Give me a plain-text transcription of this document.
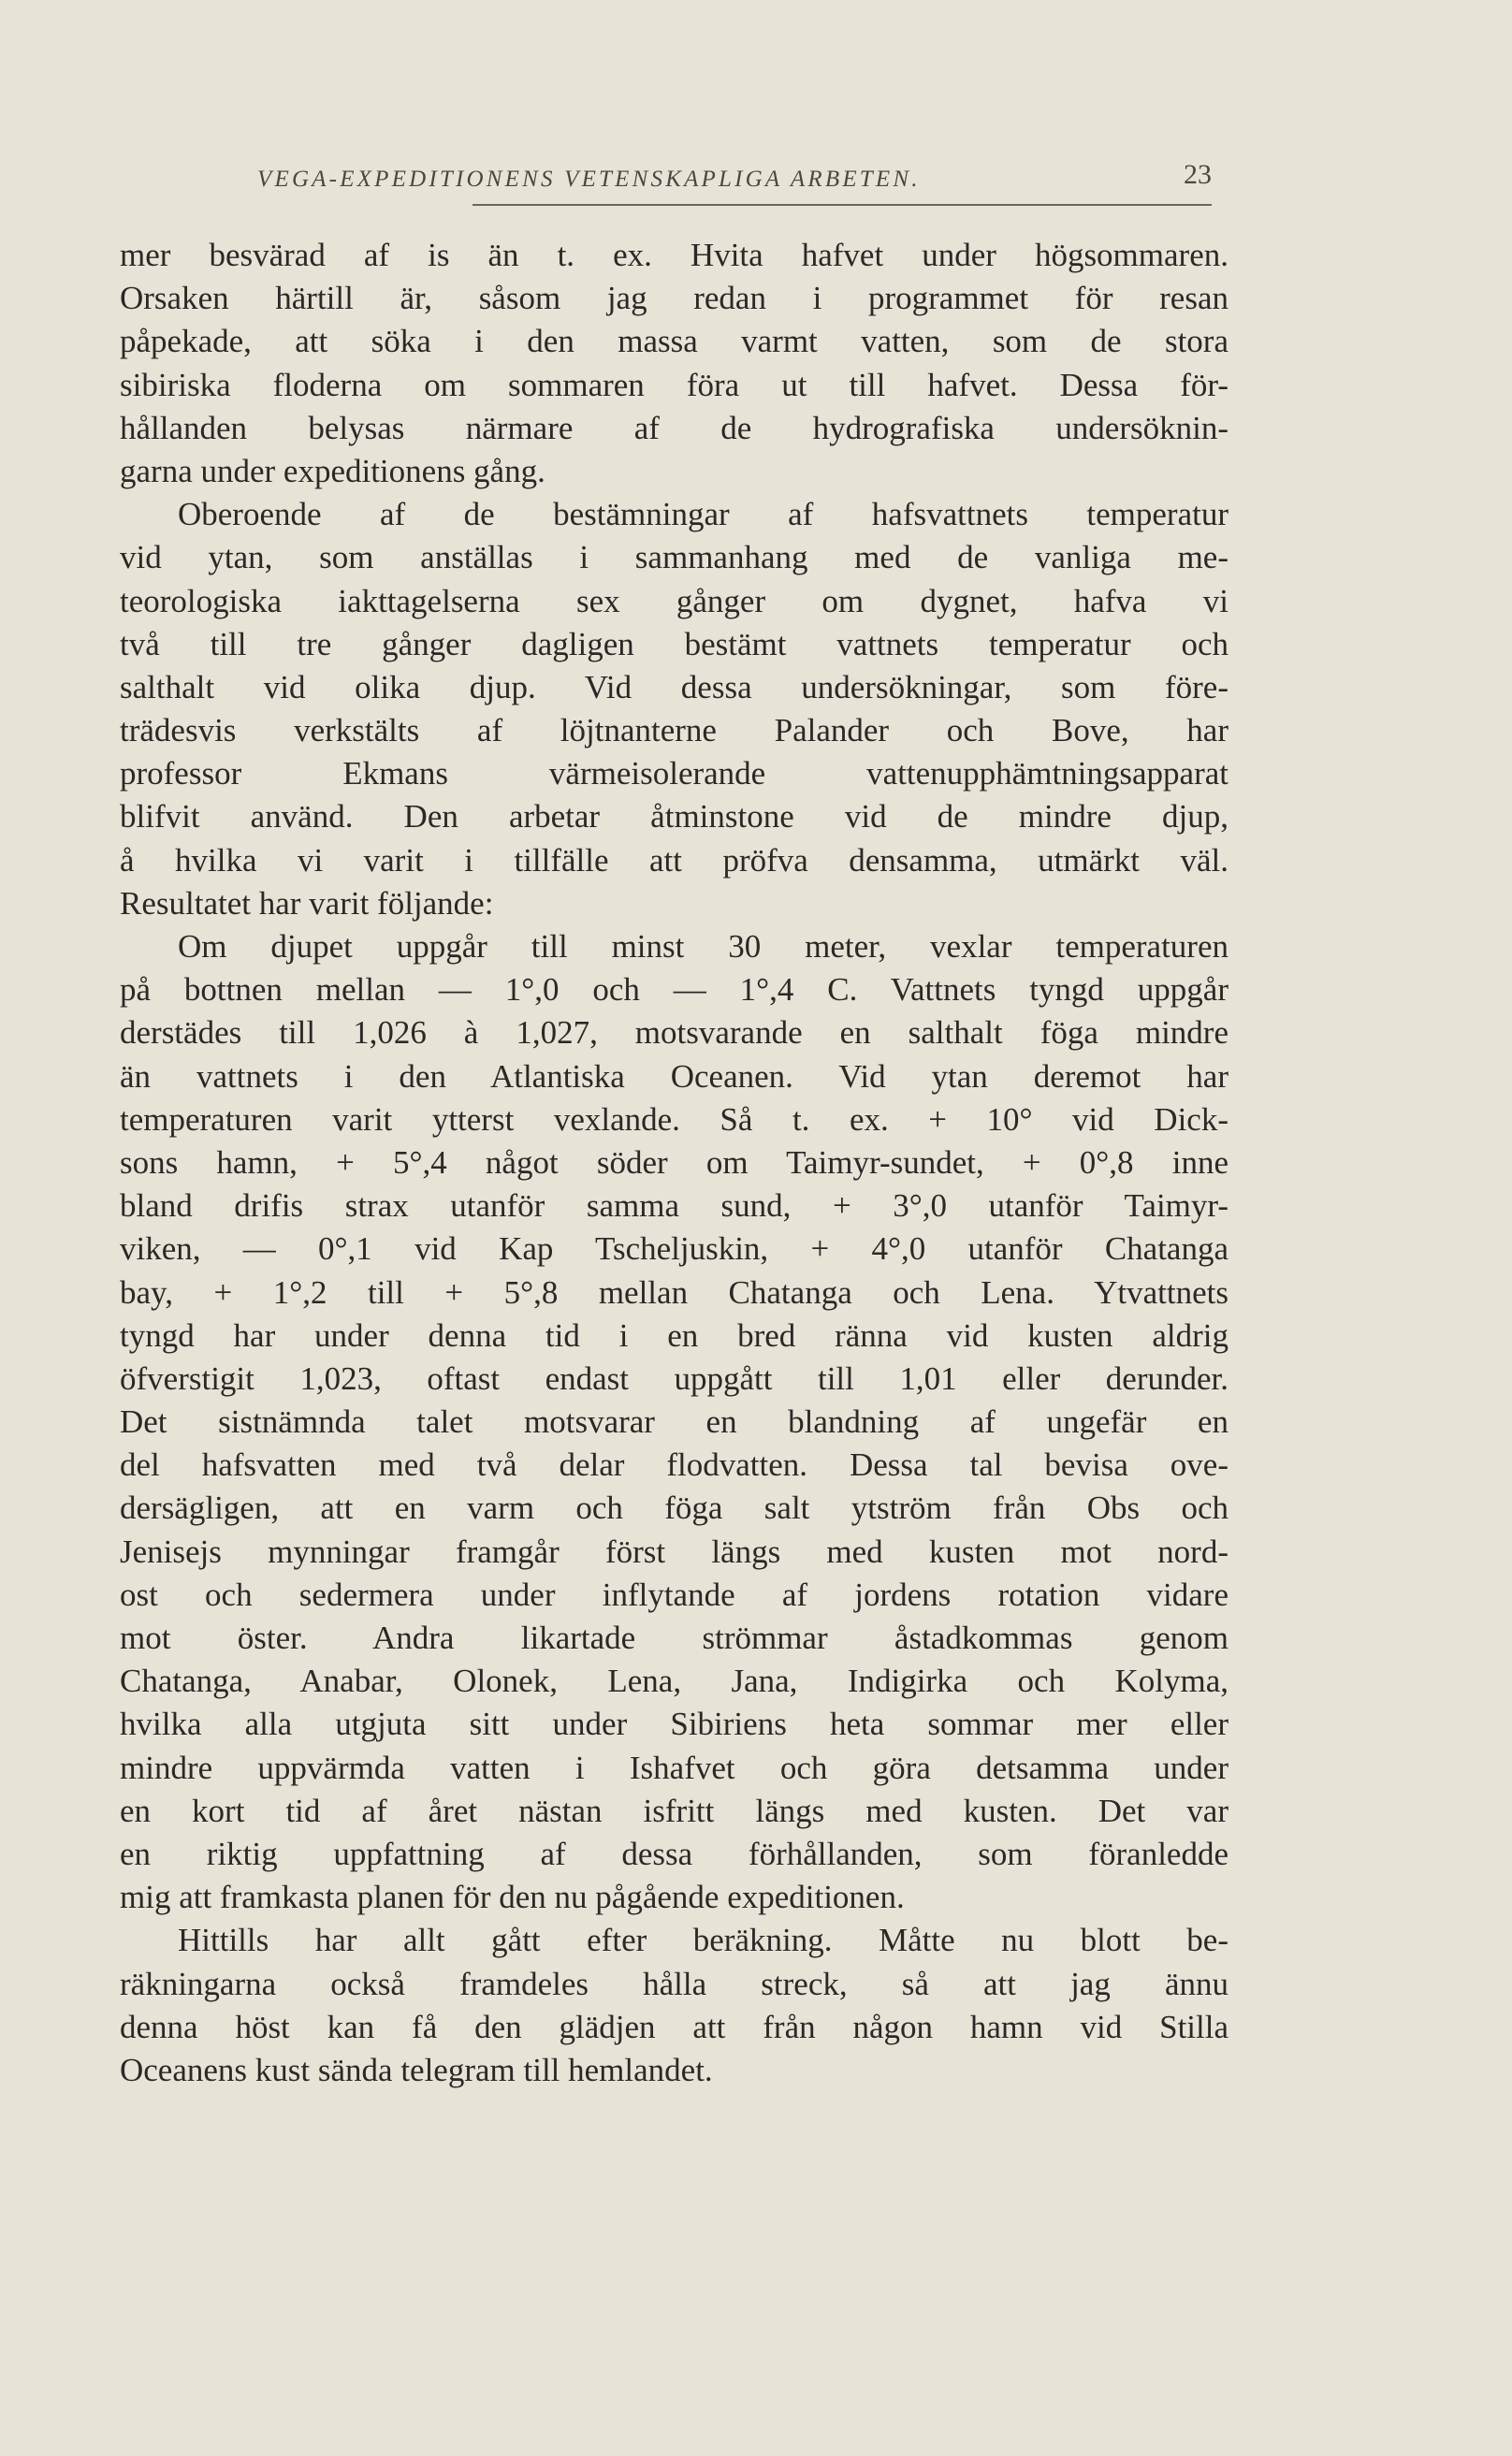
VEGA-EXPEDITIONENS VETENSKAPLIGA ARBETEN.	23
mer besvärad af is än t. ex. Hvita hafvet under högsommaren.
Orsaken härtill är, såsom jag redan i programmet för resan
påpekade, att söka i den massa varmt vatten, som de stora
sibiriska floderna om sommaren föra ut till hafvet. Dessa för-
hållanden belysas närmare af de hydrografiska undersöknin-
garna under expeditionens gång.
Oberoende af de bestämningar af hafsvattnets temperatur
vid ytan, som anställas i sammanhang med de vanliga me-
teorologiska iakttagelserna sex gånger om dygnet, hafva vi
två till tre gånger dagligen bestämt vattnets temperatur och
salthalt vid olika djup. Vid dessa undersökningar, som före-
trädesvis verkstälts af löjtnanterne Palander och Bove, har
professor Ekmans värmeisolerande vattenupphämtningsapparat
blifvit använd. Den arbetar åtminstone vid de mindre djup,
å hvilka vi varit i tillfälle att pröfva densamma, utmärkt väl.
Resultatet har varit följande:
Om djupet uppgår till minst 30 meter, vexlar temperaturen
på bottnen mellan — 1°,0 och — 1°,4 C. Vattnets tyngd uppgår
derstädes till 1,026 à 1,027, motsvarande en salthalt föga mindre
än vattnets i den Atlantiska Oceanen. Vid ytan deremot har
temperaturen varit ytterst vexlande. Så t. ex. + 10° vid Dick-
sons hamn, + 5°,4 något söder om Taimyr-sundet, + 0°,8 inne
bland drifis strax utanför samma sund, + 3°,0 utanför Taimyr-
viken, — 0°,1 vid Kap Tscheljuskin, + 4°,0 utanför Chatanga
bay, + 1°,2 till + 5°,8 mellan Chatanga och Lena. Ytvattnets
tyngd har under denna tid i en bred ränna vid kusten aldrig
öfverstigit 1,023, oftast endast uppgått till 1,01 eller derunder.
Det sistnämnda talet motsvarar en blandning af ungefär en
del hafsvatten med två delar flodvatten. Dessa tal bevisa ove-
dersägligen, att en varm och föga salt ytström från Obs och
Jenisejs mynningar framgår först längs med kusten mot nord-
ost och sedermera under inflytande af jordens rotation vidare
mot öster. Andra likartade strömmar åstadkommas genom
Chatanga, Anabar, Olonek, Lena, Jana, Indigirka och Kolyma,
hvilka alla utgjuta sitt under Sibiriens heta sommar mer eller
mindre uppvärmda vatten i Ishafvet och göra detsamma under
en kort tid af året nästan isfritt längs med kusten. Det var
en riktig uppfattning af dessa förhållanden, som föranledde
mig att framkasta planen för den nu pågående expeditionen.
Hittills har allt gått efter beräkning. Måtte nu blott be-
räkningarna också framdeles hålla streck, så att jag ännu
denna höst kan få den glädjen att från någon hamn vid Stilla
Oceanens kust sända telegram till hemlandet.
